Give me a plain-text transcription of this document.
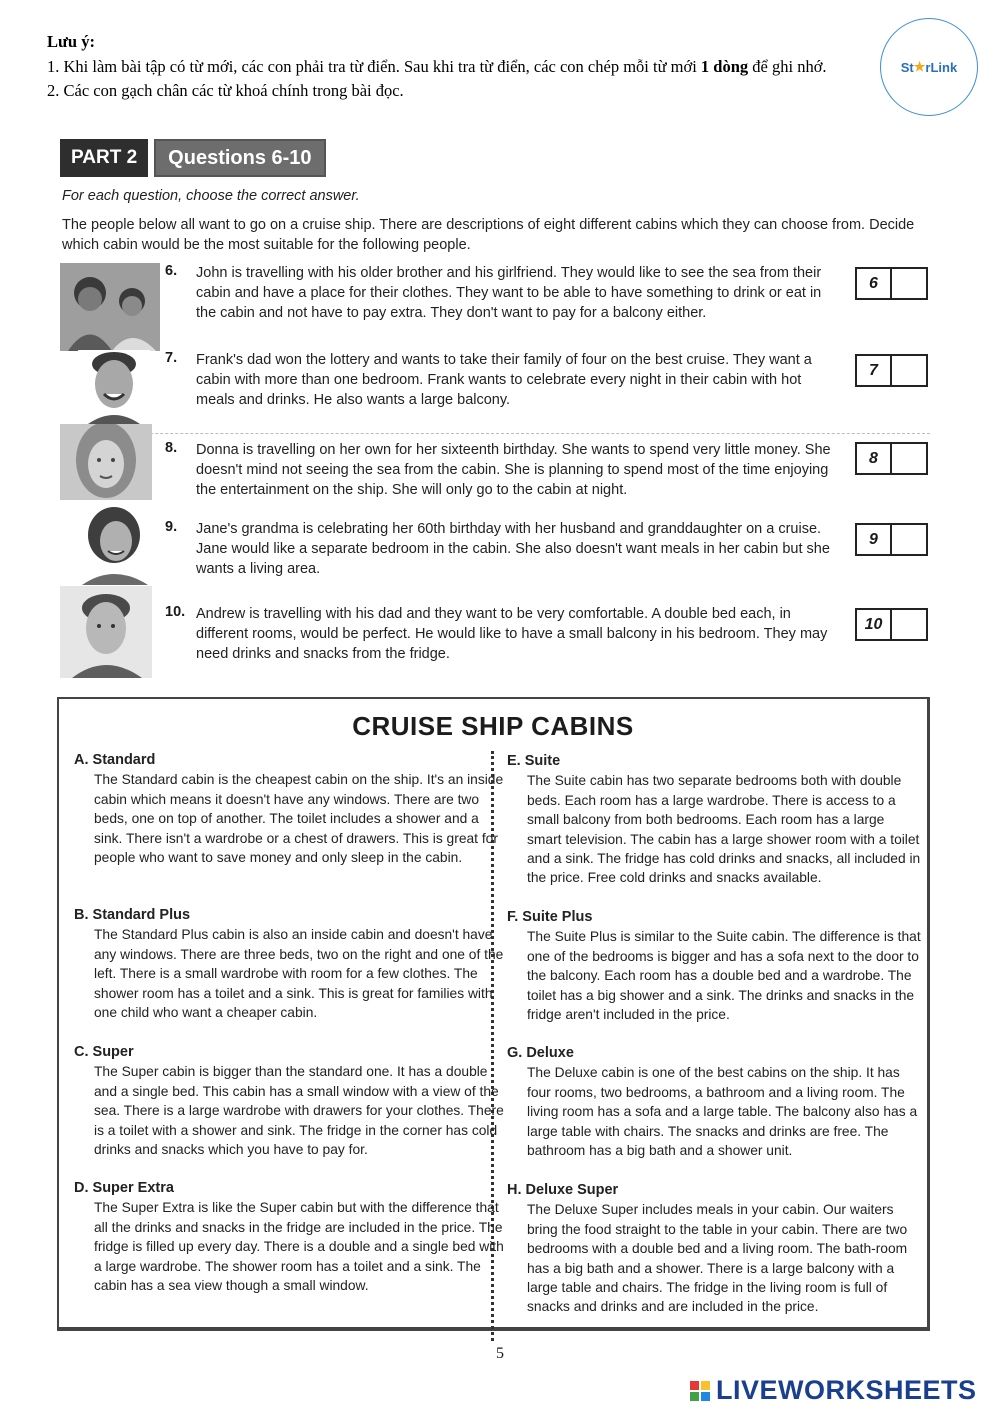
Lưu ý:
1. Khi làm bài tập có từ mới, các con phải tra từ điển. Sau khi tra từ điển, các con chép mỗi từ mới 1 dòng để ghi nhớ.
2. Các con gạch chân các từ khoá chính trong bài đọc.
St ★ rLink
PART 2	Questions 6-10
For each question, choose the correct answer.
The people below all want to go on a cruise ship. There are descriptions of eight different cabins which they can choose from. Decide which cabin would be the most suitable for the following people.
6. John is travelling with his older brother and his girlfriend. They would like to see the sea from their cabin and have a place for their clothes. They want to be able to have something to drink or eat in the cabin and not have to pay extra. They don't want to pay for a balcony either.
6
7. Frank's dad won the lottery and wants to take their family of four on the best cruise. They want a cabin with more than one bedroom. Frank wants to celebrate every night in their cabin with hot meals and drinks. He also wants a large balcony.
7
8. Donna is travelling on her own for her sixteenth birthday. She wants to spend very little money. She doesn't mind not seeing the sea from the cabin. She is planning to spend most of the time enjoying the entertainment on the ship. She will only go to the cabin at night.
8
9. Jane's grandma is celebrating her 60th birthday with her husband and granddaughter on a cruise. Jane would like a separate bedroom in the cabin. She also doesn't want meals in her cabin but she wants a living area.
9
10. Andrew is travelling with his dad and they want to be very comfortable. A double bed each, in different rooms, would be perfect. He would like to have a small balcony in his bedroom. They may need drinks and snacks from the fridge.
10
CRUISE SHIP CABINS
A. Standard
The Standard cabin is the cheapest cabin on the ship. It's an inside cabin which means it doesn't have any windows. There are two beds, one on top of another. The toilet includes a shower and a sink. There isn't a wardrobe or a chest of drawers. This is great for people who want to save money and only sleep in the cabin.
B. Standard Plus
The Standard Plus cabin is also an inside cabin and doesn't have any windows. There are three beds, two on the right and one of the left. There is a small wardrobe with room for a few clothes. The shower room has a toilet and a sink. This is great for families with one child who want a cheaper cabin.
C. Super
The Super cabin is bigger than the standard one. It has a double and a single bed. This cabin has a small window with a view of the sea. There is a large wardrobe with drawers for your clothes. There is a toilet with a shower and sink. The fridge in the corner has cold drinks and snacks which you have to pay for.
D. Super Extra
The Super Extra is like the Super cabin but with the difference that all the drinks and snacks in the fridge are included in the price. The fridge is filled up every day. There is a double and a single bed with a large wardrobe. The shower room has a toilet and a sink. The cabin has a sea view though a small window.
E. Suite
The Suite cabin has two separate bedrooms both with double beds. Each room has a large wardrobe. There is access to a small balcony from both bedrooms. Each room has a large smart television. The cabin has a large shower room with a toilet and a sink. The fridge has cold drinks and snacks, all included in the price. Free cold drinks and snacks available.
F. Suite Plus
The Suite Plus is similar to the Suite cabin. The difference is that one of the bedrooms is bigger and has a sofa next to the door to the balcony. Each room has a double bed and a wardrobe. The toilet has a big shower and a sink. The drinks and snacks in the fridge aren't included in the price.
G. Deluxe
The Deluxe cabin is one of the best cabins on the ship. It has four rooms, two bedrooms, a bathroom and a living room. The living room has a sofa and a large table. The balcony also has a large table with chairs. The snacks and drinks are free. The bathroom has a big bath and a shower unit.
H. Deluxe Super
The Deluxe Super includes meals in your cabin. Our waiters bring the food straight to the table in your cabin. There are two bedrooms with a double bed and a living room. The bath-room has a big bath and a shower. There is a large balcony with a large table and chairs. The fridge in the living room is full of snacks and drinks and are included in the price.
5
LIVEWORKSHEETS
